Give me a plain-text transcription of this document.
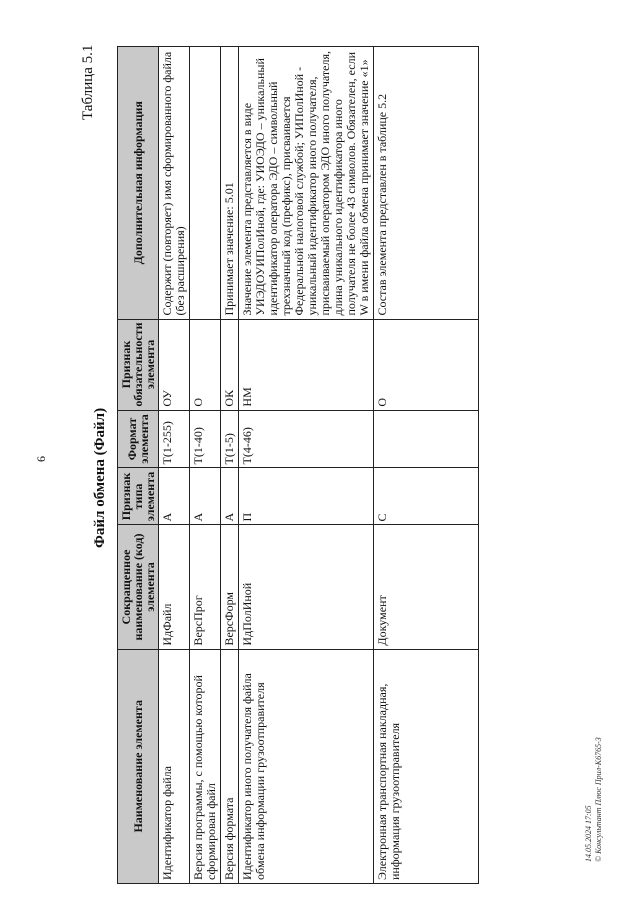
6
Таблица 5.1
Файл обмена (Файл)
14.05.2024 17:05 © Консультант Плюс Прил-К6765-3
Наименование элемента	Сокращенное наименование (код) элемента	Признак типа элемента	Формат элемента	Признак обязательности элемента	Дополнительная информация
Идентификатор файла	ИдФайл	А	T(1-255)	ОУ	Содержит (повторяет) имя сформированного файла (без расширения)
Версия программы, с помощью которой сформирован файл	ВерсПрог	А	T(1-40)	О	
Версия формата	ВерсФорм	А	T(1-5)	ОК	Принимает значение: 5.01
Идентификатор иного получателя файла обмена информации грузоотправителя	ИдПолИной	П	T(4-46)	НМ	Значение элемента представляется в виде УИЭДОУИПолИной, где: УИОЭДО – уникальный идентификатор оператора ЭДО – символьный трехзначный код (префикс), присваивается Федеральной налоговой службой; УИПолИной - уникальный идентификатор иного получателя, присваиваемый оператором ЭДО иного получателя, длина уникального идентификатора иного получателя не более 43 символов. Обязателен, если W в имени файла обмена принимает значение «1»
Электронная транспортная накладная, информация грузоотправителя	Документ	С		О	Состав элемента представлен в таблице 5.2
